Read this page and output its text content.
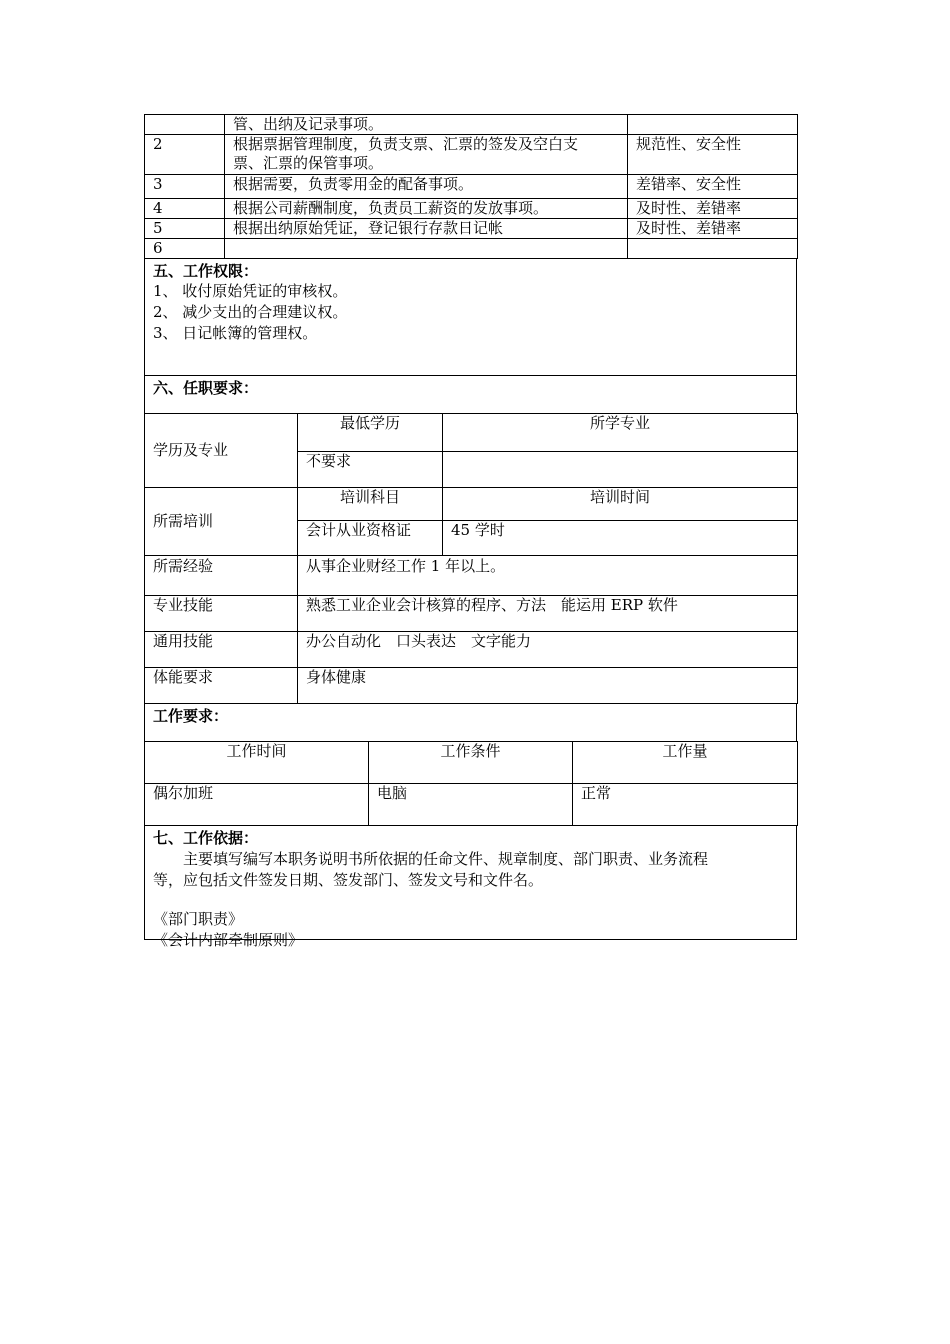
	管、出纳及记录事项。	

2	根据票据管理制度，负责支票、汇票的签发及空白支
票、汇票的保管事项。	规范性、安全性
3	根据需要，负责零用金的配备事项。	差错率、安全性
4	根据公司薪酬制度，负责员工薪资的发放事项。	及时性、差错率
5	根据出纳原始凭证，登记银行存款日记帐	及时性、差错率
6	

五、工作权限：
1、 收付原始凭证的审核权。
2、 减少支出的合理建议权。
3、 日记帐簿的管理权。
六、任职要求：
学历及专业	最低学历	所学专业
	不要求	
所需培训	培训科目	培训时间
	会计从业资格证	45 学时
所需经验	从事企业财经工作 1 年以上。	
专业技能	熟悉工业企业会计核算的程序、方法　能运用 ERP 软件	
通用技能	办公自动化　口头表达　文字能力	
体能要求	身体健康	
工作要求：
工作时间	工作条件	工作量
偶尔加班	电脑	正常
七、工作依据：
主要填写编写本职务说明书所依据的任命文件、规章制度、部门职责、业务流程
等，应包括文件签发日期、签发部门、签发文号和文件名。

《部门职责》
《会计内部牵制原则》
